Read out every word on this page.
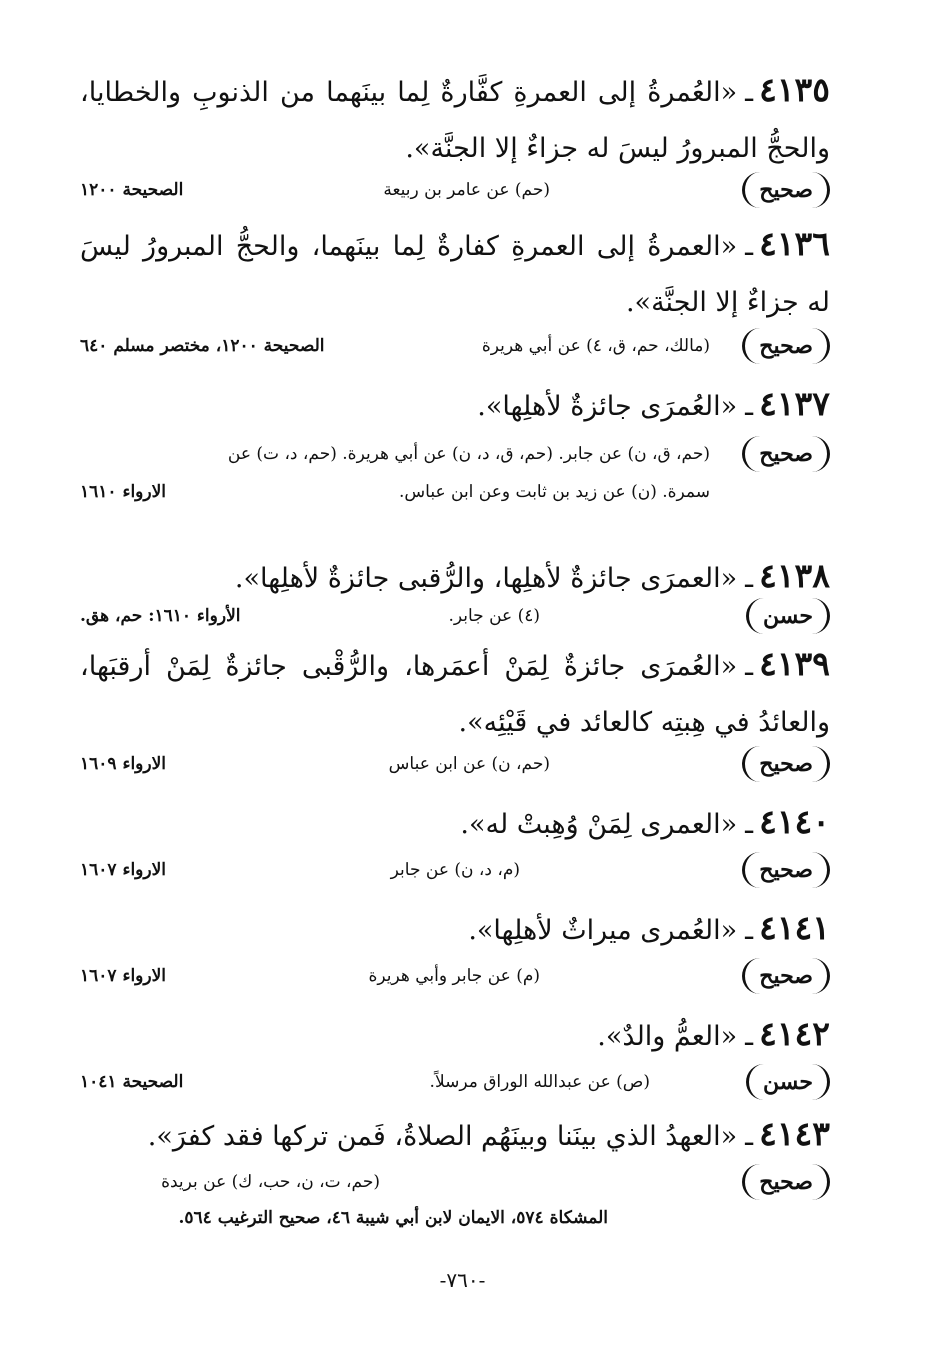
٤١٣٥ـ«العُمرةُ إلى العمرةِ كفَّارةٌ لِما بينَهما من الذنوبِ والخطايا، والحجُّ المبرورُ ليسَ له جزاءٌ إلا الجنَّة».
صحيح
(حم) عن عامر بن ربيعة
الصحيحة ١٢٠٠
٤١٣٦ـ«العمرةُ إلى العمرةِ كفارةٌ لِما بينَهما، والحجُّ المبرورُ ليسَ له جزاءٌ إلا الجنَّة».
صحيح
(مالك، حم، ق، ٤) عن أبي هريرة
الصحيحة ١٢٠٠، مختصر مسلم ٦٤٠
٤١٣٧ـ«العُمرَى جائزةٌ لأهلِها».
صحيح
(حم، ق، ن) عن جابر. (حم، ق، د، ن) عن أبي هريرة. (حم، د، ت) عن
سمرة. (ن) عن زيد بن ثابت وعن ابن عباس.
الارواء ١٦١٠
٤١٣٨ـ«العمرَى جائزةٌ لأهلِها، والرُّقبى جائزةٌ لأهلِها».
حسن
(٤) عن جابر.
الأرواء ١٦١٠: حم، هق.
٤١٣٩ـ«العُمرَى جائزةٌ لِمَنْ أعمَرها، والرُّقْبى جائزةٌ لِمَنْ أرقبَها، والعائدُ في هِبتِه كالعائد في قَيْئِه».
صحيح
(حم، ن) عن ابن عباس
الارواء ١٦٠٩
٤١٤٠ـ«العمرى لِمَنْ وُهِبتْ له».
صحيح
(م، د، ن) عن جابر
الارواء ١٦٠٧
٤١٤١ـ«العُمرى ميراثٌ لأهلِها».
صحيح
(م) عن جابر وأبي هريرة
الارواء ١٦٠٧
٤١٤٢ـ«العمُّ والدٌ».
حسن
(ص) عن عبدالله الوراق مرسلاً.
الصحيحة ١٠٤١
٤١٤٣ـ«العهدُ الذي بينَنا وبينَهُم الصلاةُ، فَمن تركها فقد كفرَ».
صحيح
(حم، ت، ن، حب، ك) عن بريدة
المشكاة ٥٧٤، الايمان لابن أبي شيبة ٤٦، صحيح الترغيب ٥٦٤.
-٧٦٠-
